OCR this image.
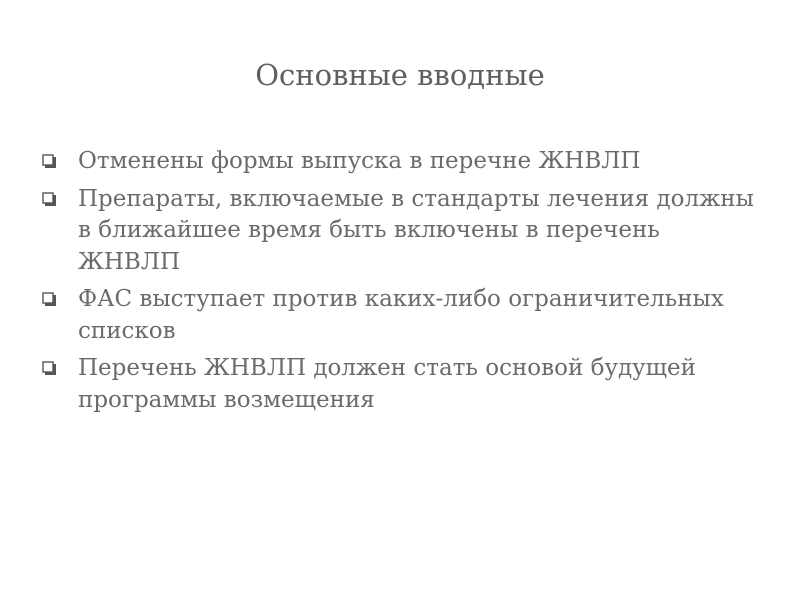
Основные вводные
Отменены формы выпуска в перечне ЖНВЛП
Препараты, включаемые в стандарты лечения должны в ближайшее время быть включены в перечень ЖНВЛП
ФАС выступает против каких-либо ограничительных списков
Перечень ЖНВЛП должен стать основой будущей программы возмещения
